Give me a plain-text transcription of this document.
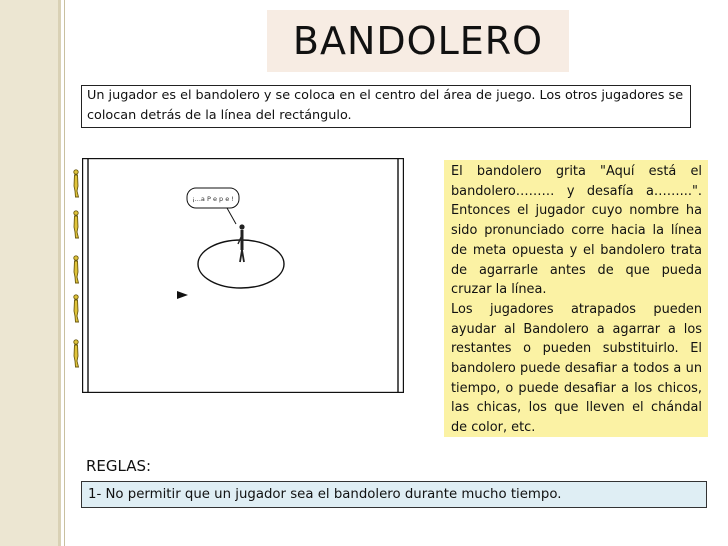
BANDOLERO
Un jugador es el bandolero y se coloca en el centro del área de juego. Los otros jugadores se colocan detrás de la línea del rectángulo.
¡...a P e p e !

El bandolero grita "Aquí está el bandolero……… y desafía a……...". Entonces el jugador cuyo nombre ha sido pronunciado corre hacia la línea de meta opuesta y el bandolero trata de agarrarle antes de que pueda cruzar la línea.

Los jugadores atrapados pueden ayudar al Bandolero a agarrar a los restantes o pueden substituirlo. El bandolero puede desafiar a todos a un tiempo, o puede desafiar a los chicos, las chicas, los que lleven el chándal de color, etc.

REGLAS:
1- No permitir que un jugador sea el bandolero durante mucho tiempo.
